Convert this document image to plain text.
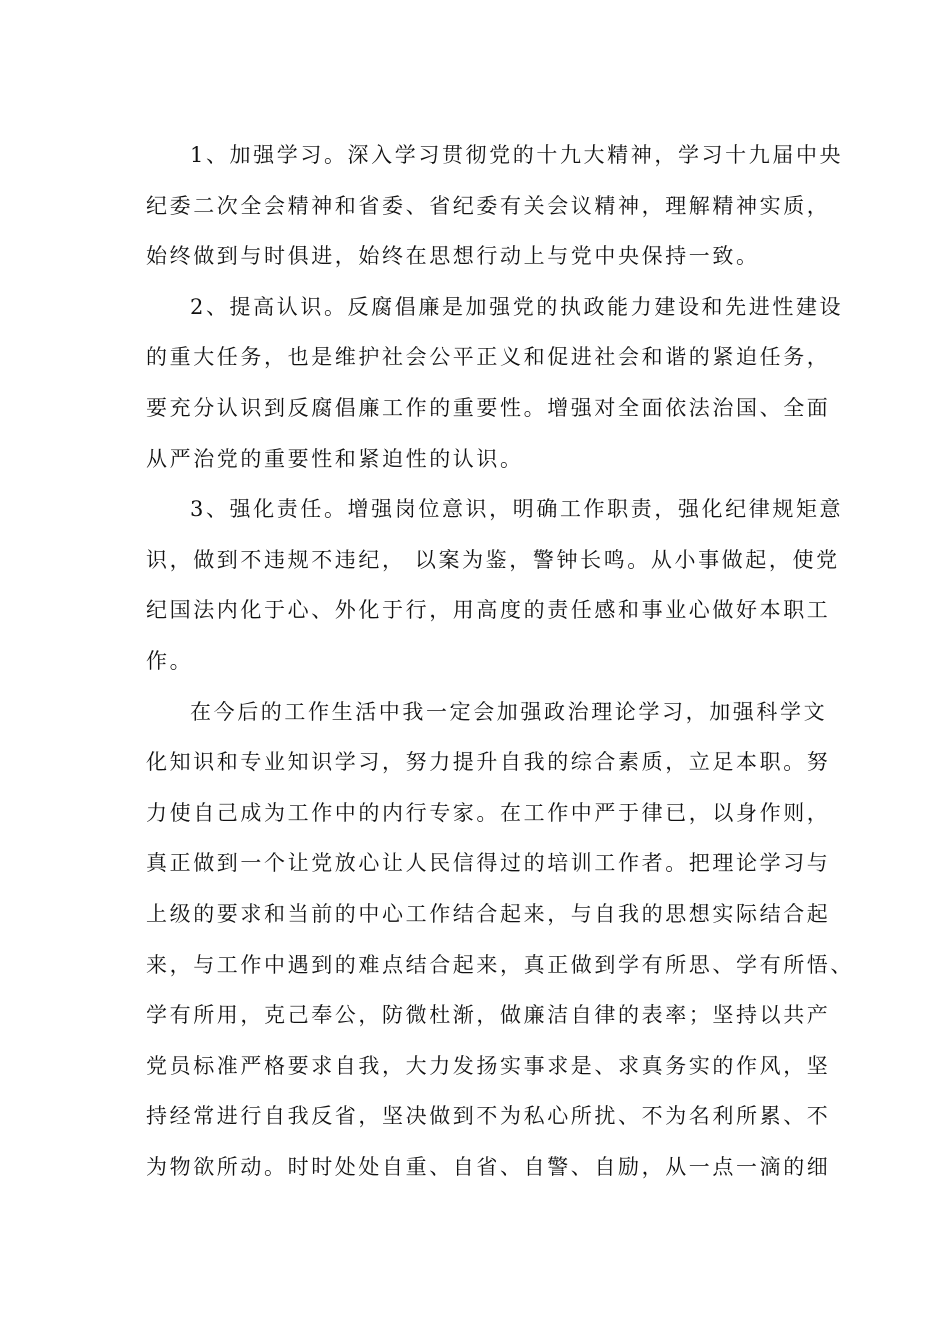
1、加强学习。深入学习贯彻党的十九大精神，学习十九届中央
纪委二次全会精神和省委、省纪委有关会议精神，理解精神实质，
始终做到与时俱进，始终在思想行动上与党中央保持一致。

2、提高认识。反腐倡廉是加强党的执政能力建设和先进性建设
的重大任务，也是维护社会公平正义和促进社会和谐的紧迫任务，
要充分认识到反腐倡廉工作的重要性。增强对全面依法治国、全面
从严治党的重要性和紧迫性的认识。

3、强化责任。增强岗位意识，明确工作职责，强化纪律规矩意
识，做到不违规不违纪， 以案为鉴，警钟长鸣。从小事做起，使党
纪国法内化于心、外化于行，用高度的责任感和事业心做好本职工
作。

在今后的工作生活中我一定会加强政治理论学习，加强科学文
化知识和专业知识学习，努力提升自我的综合素质，立足本职。努
力使自己成为工作中的内行专家。在工作中严于律已，以身作则，
真正做到一个让党放心让人民信得过的培训工作者。把理论学习与
上级的要求和当前的中心工作结合起来，与自我的思想实际结合起
来，与工作中遇到的难点结合起来，真正做到学有所思、学有所悟、
学有所用，克己奉公，防微杜渐，做廉洁自律的表率；坚持以共产
党员标准严格要求自我，大力发扬实事求是、求真务实的作风，坚
持经常进行自我反省，坚决做到不为私心所扰、不为名利所累、不
为物欲所动。时时处处自重、自省、自警、自励，从一点一滴的细
